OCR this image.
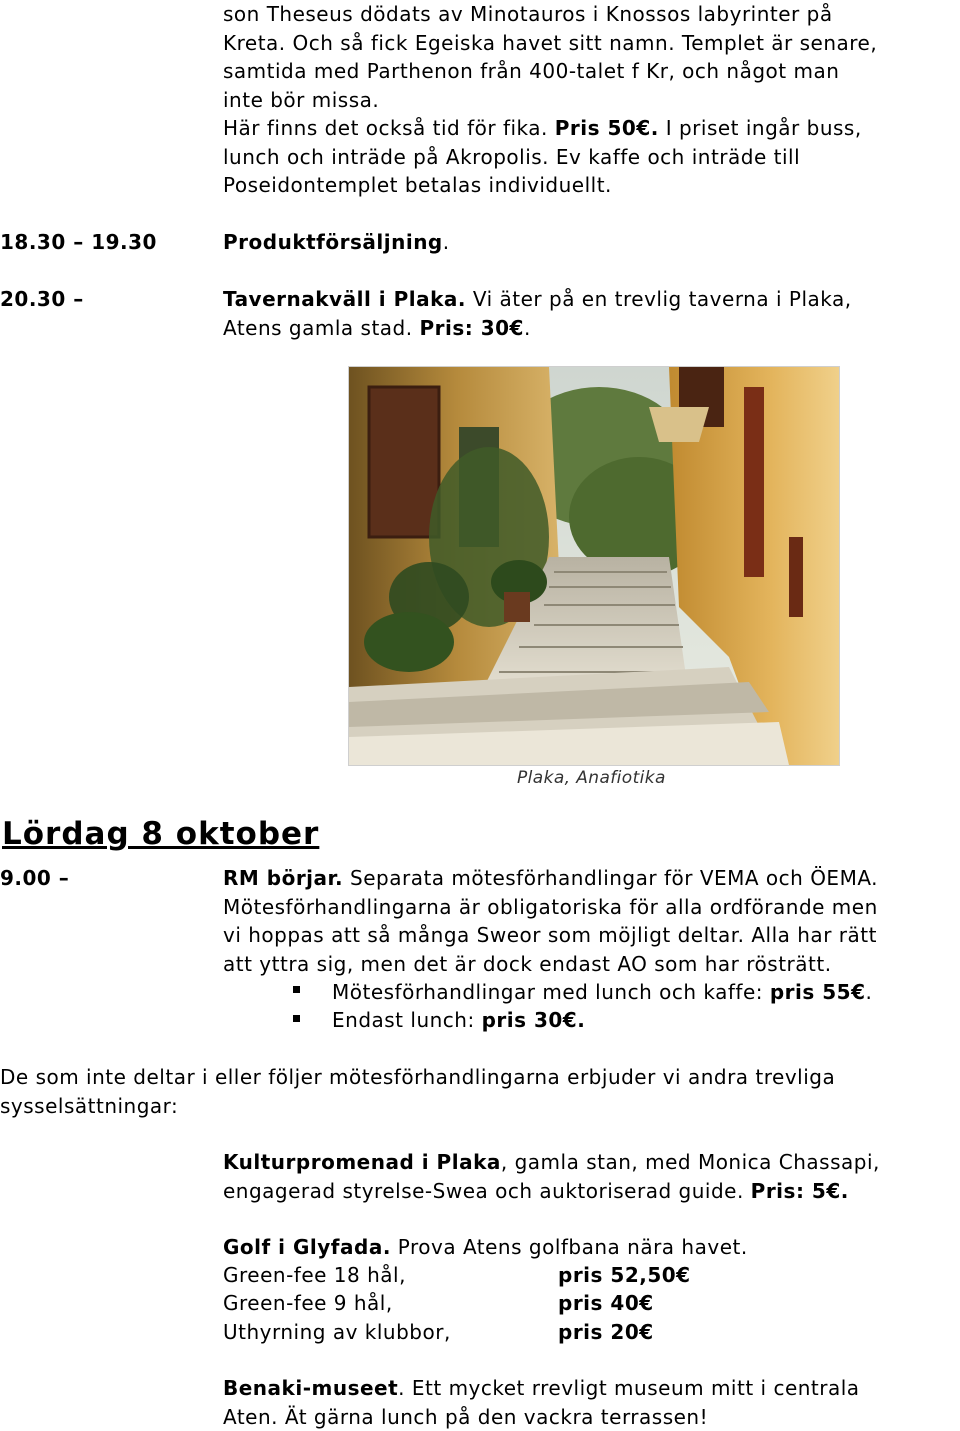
son Theseus dödats av Minotauros i Knossos labyrinter på
Kreta. Och så fick Egeiska havet sitt namn. Templet är senare,
samtida med Parthenon från 400-talet f Kr, och något man
inte bör missa.
Här finns det också tid för fika. Pris 50€. I priset ingår buss,
lunch och inträde på Akropolis. Ev kaffe och inträde till
Poseidontemplet betalas individuellt.
18.30 – 19.30	Produktförsäljning.
20.30 –	Tavernakväll i Plaka. Vi äter på en trevlig taverna i Plaka,
Atens gamla stad. Pris: 30€.
Plaka, Anafiotika
Lördag 8 oktober
9.00 –	RM börjar. Separata mötesförhandlingar för VEMA och ÖEMA.
Mötesförhandlingarna är obligatoriska för alla ordförande men
vi hoppas att så många Sweor som möjligt deltar. Alla har rätt
att yttra sig, men det är dock endast AO som har rösträtt.
Mötesförhandlingar med lunch och kaffe: pris 55€.
Endast lunch: pris 30€.
De som inte deltar i eller följer mötesförhandlingarna erbjuder vi andra trevliga
sysselsättningar:
Kulturpromenad i Plaka, gamla stan, med Monica Chassapi,
engagerad styrelse-Swea och auktoriserad guide. Pris: 5€.
Golf i Glyfada. Prova Atens golfbana nära havet.
Green-fee 18 hål,	pris 52,50€
Green-fee 9 hål,	pris 40€
Uthyrning av klubbor,	pris 20€
Benaki-museet. Ett mycket rrevligt museum mitt i centrala
Aten. Ät gärna lunch på den vackra terrassen!
